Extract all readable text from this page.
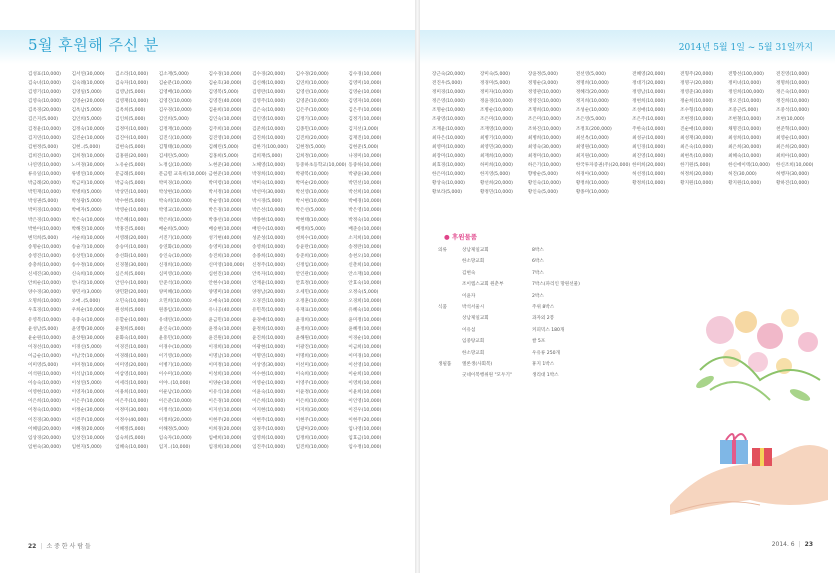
5월 후원해 주신 분
김성표(10,000)	김서연(30,000)	김소라(10,000)	김소재(5,000)	김수경(10,000)	김수경(20,000)	김수경(20,000)	김수경(10,000)
김숙녀(10,000)	김숙례(10,000)	김숙자(10,000)	김순분(10,000)	김순호(30,000)	김신혜(10,000)	김연희(10,000)	김영미(10,000)
김영기(10,000)	김영일(5,000)	김영남(5,000)	김영배(10,000)	김영복(5,000)	김영란(10,000)	김영선(10,000)	김영순(10,000)
김영숙(10,000)	김영순(20,000)	김영재(10,000)	김영진(10,000)	김영진(40,000)	김영주(10,000)	김영준(10,000)	김영자(10,000)
김옥경(20,000)	김옥남(5,000)	김옥희(5,000)	김우경(10,000)	김운희(10,000)	김은숙(10,000)	김은주(10,000)	김은주(10,000)
김은지(5,000)	김인희(5,000)	김인희(5,000)	김인희(5,000)	김인숙(10,000)	김인영(10,000)	김정기(10,000)	김정기(10,000)
김정윤(10,000)	김정숙(10,000)	김정미(10,000)	김정재(10,000)	김주희(10,000)	김준희(10,000)	김종민(10,000)	김지선(3,000)
김지연(10,000)	김진순(10,000)	김진아(10,000)	김진식(10,000)	김진영(10,000)	김진희(10,000)	김진희(20,000)	김재진(10,000)
김현정(5,000)	김현..(5,000)	김현숙(5,000)	김형태(10,000)	김혜린(5,000)	김한기(100,000)	김현정(5,000)	김현준(5,000)
김희진(10,000)	김희정(10,000)	김홍원(20,000)	김세린(5,000)	김홍희(5,000)	김희재(5,000)	김희정(10,000)	나경미(10,000)
나연영(10,000)	노미경(30,000)	노유순(5,000)	노정심(10,000)	노현준(30,000)	노해영(10,000)	동중하초등학교(10,000) 동중하(10,000)
류유일(10,000)	류병연(10,000)	문금례(5,000)	문금렬 교육비(10,000) 금현준(10,000)	박경희(10,000)	박광복(10,000)	박광윤(30,000)
박금례(20,000)	박금미(10,000)	박금숙(5,000)	박미경(10,000)	박미령(10,000)	박미숙(10,000)	박미순(20,000)	박민선(10,000)
박민재(10,000)	박병희(5,000)	박상민(10,000)	박상현(10,000)	박서정(10,000)	박선미(30,000)	박선영(10,000)	박선희(10,000)
박성권(5,000)	박성광(5,000)	박수현(5,000)	박숙희(10,000)	박순영(10,000)	박시경(5,000)	박시현(10,000)	박애경(10,000)
박미경(10,000)	박애자(5,000)	박영순(10,000)	박영교(10,000)	박은경(10,000)	박은선(10,000)	박은선(5,000)	박은영(10,000)
박은경(10,000)	박은숙(10,000)	박은혜(10,000)	박은희(10,000)	박종선(10,000)	박종현(10,000)	박현태(10,000)	박정숙(10,000)
박한아(10,000)	박해진(10,000)	박홍진(5,000)	배순희(5,000)	배승현(10,000)	배연수(10,000)	배정희(5,000)	배준승(10,000)
변덕희(5,000)	서순희(10,000)	서영례(20,000)	서진기(10,000)	성기현(40,000)	성준성(10,000)	성희수(10,000)	소지희(10,000)
송명순(10,000)	송슬기(10,000)	송승미(10,000)	송연화(10,000)	송영미(10,000)	송영희(10,000)	송윤란(10,000)	송정란(10,000)
송영진(10,000)	송상민(10,000)	송선화(10,000)	송인숙(10,000)	송진희(10,000)	송종희(10,000)	송준희(10,000)	송천오(10,000)
송충희(10,000)	송수정(10,000)	신경철(30,000)	신경희(10,000)	신미영(100,000)	신정주(10,000)	신정임(10,000)	신춘희(10,000)
신세진(30,000)	신숙희(10,000)	심은희(5,000)	심미영(10,000)	심헌진(10,000)	안옥자(10,000)	안인관(10,000)	안소재(10,000)
안희순(10,000)	안나리(10,000)	안연수(10,000)	안준석(10,000)	안현수(10,000)	안재윤(10,000)	안효정(10,000)	안효숙(10,000)
양수경(30,000)	양민서(3,000)	양민환(20,000)	양미혜(10,000)	양명미(10,000)	양정남(20,000)	오세민(10,000)	오정숙(5,000)
오명희(10,000)	오매..(5,000)	오민숙(10,000)	오민희(10,000)	오애숙(10,000)	오경진(10,000)	오정훈(10,000)	오경희(10,000)
우효경(10,000)	우희순(10,000)	원성희(5,000)	원종임(10,000)	유니공(40,000)	유민복(10,000)	유재표(10,000)	유혜숙(10,000)
유영복(10,000)	유중숙(10,000)	유할순(10,000)	유대연(10,000)	윤금민(10,000)	윤경애(10,000)	윤경희(10,000)	윤미정(10,000)
윤성남(5,000)	윤영향(30,000)	윤철희(5,000)	윤인숙(10,000)	윤정숙(10,000)	윤정희(10,000)	윤정희(10,000)	윤혜정(10,000)
윤순원(10,000)	윤상원(30,000)	윤화숙(10,000)	윤흥민(10,000)	윤진원(10,000)	윤진희(10,000)	윤해원(10,000)	이경순(10,000)
이경선(10,000)	이경신(5,000)	이경진(10,000)	이경수(10,000)	이경희(10,000)	이광현(10,000)	이광진(10,000)	이금희(10,000)
이금순(10,000)	이남국(10,000)	이경례(10,000)	이기영(10,000)	이명남(10,000)	이명연(10,000)	이명희(10,000)	이미경(10,000)
이미영(5,000)	이미정(10,000)	이미영(20,000)	이병기(10,000)	이미정(10,000)	이상영(30,000)	이선미(10,000)	이선영(10,000)
이석원(10,000)	이석남(10,000)	이삼영(10,000)	이수미(10,000)	이성희(10,000)	이수현(10,000)	이숙희(10,000)	이순희(10,000)
이승숙(10,000)	이성연(5,000)	이세리(10,000)	이야..(10,000)	이양순(10,000)	이영순(10,000)	이영주(10,000)	이영희(10,000)
이영현(10,000)	이영자(10,000)	이용희(10,000)	이운남(10,000)	이유식(10,000)	이윤숙(10,000)	이윤정(10,000)	이윤희(10,000)
이은희(10,000)	이은주(10,000)	이은주(10,000)	이은준(10,000)	이은경(10,000)	이은희(10,000)	이은희(10,000)	이인영(10,000)
이정숙(10,000)	이정순(30,000)	이정미(30,000)	이정석(10,000)	이지선(10,000)	이지현(10,000)	이지희(30,000)	이진우(10,000)
이진경(30,000)	이진주(10,000)	이정수(40,000)	이정희(20,000)	이현주(20,000)	이현주(10,000)	이현주(10,000)	이현주(20,000)
이혜림(20,000)	이혜경(20,000)	이혜정(5,000)	이해정(5,000)	이희경(20,000)	임경주(10,000)	임광미(20,000)	임나영(10,000)
임상경(20,000)	임상진(10,000)	임숙희(5,000)	임숙자(10,000)	임애희(10,000)	임영희(10,000)	임정희(10,000)	임효금(10,000)
임현숙(30,000)	임현지(5,000)	임혜숙(10,000)	임지..(10,000)	임경희(10,000)	임진주(10,000)	임진희(10,000)	임수정(10,000)
22 | 소 중 한 사 람 들
2014년 5월 1일 ~ 5월 31일까지
장근숙(20,000)	장미숙(5,000)	장윤정(5,000)	전선영(5,000)	전혜영(20,000)	전형주(20,000)	전향선(100,000)	전진영(10,000)
전진우(5,000)	정경미(5,000)	정명순(3,000)	정명희(10,000)	정대기(20,000)	정명구(20,000)	정미녀(10,000)	정명희(10,000)
정미경(10,000)	정미자(10,000)	정영관(10,000)	정혜리(20,000)	정영남(10,000)	정영준(30,000)	정연희(100,000)	정은숙(10,000)
정은영(10,000)	정윤경(10,000)	정영진(10,000)	정지희(10,000)	정현희(10,000)	정순희(10,000)	정오진(10,000)	정진희(10,000)
조명순(10,000)	조병순(10,000)	조명희(10,000)	조성순(10,000)	조성애(10,000)	조수형(10,000)	조중근(5,000)	조중석(10,000)
조광영(10,000)	조은미(10,000)	조은미(10,000)	조은영(5,000)	조은주(10,000)	조현정(10,000)	조현철(10,000)	조현(10,000)
조재윤(10,000)	조재영(10,000)	조하진(10,000)	조정호(200,000)	주한숙(10,000)	진순애(10,000)	채명진(10,000)	천준혁(10,000)
최다은(10,000)	최병기(10,000)	최병희(10,000)	최선옥(10,000)	최성규(10,000)	최성재(30,000)	최성희(10,000)	최영순(10,000)
최영미(10,000)	최영민(30,000)	최영숙(30,000)	최영원(10,000)	최인경(10,000)	최은숙(10,000)	최은희(30,000)	최은희(20,000)
최장미(10,000)	최재희(10,000)	최정미(10,000)	최지원(10,000)	최진영(10,000)	최현옥(10,000)	최혜숙(10,000)	최희아(10,000)
최효경(10,000)	하미희(10,000)	하은기(10,000)	한국투자증권(주)(20,000) 한미희(20,000)	한기원(5,000)	한신에이텍(10,000)	한신조희(10,000)
한은미(10,000)	한지영(5,000)	향방순(5,000)	허경아(10,000)	허선정(10,000)	허정희(20,000)	허진(30,000)	허행자(30,000)
황상숙(10,000)	황선희(20,000)	황인숙(10,000)	황정희(10,000)	황정희(10,000)	황지원(10,000)	황지원(10,000)	황하진(10,000)
황보라(5,000)	황정민(10,000)	황인숙(5,000)	황종미(10,000)
● 후원물품
의류	상남제일교회	8박스
한소망교회	6박스
김현숙	7박스
조이엠스교회 원춘부	7박스(파리인 망원선물)
이윤자	2박스
식품	박석서울시	주위 8박스
상남제일교회	과자외 2봉
이유섬	커피믹스 180개
임중탕교회	쌀 5포
한소망교회	우유류 250개
생필품	엘론생(사회복)	휴지 1박스
굿네이복행위원 "모두기"	생리대 1박스
2014. 6 | 23
